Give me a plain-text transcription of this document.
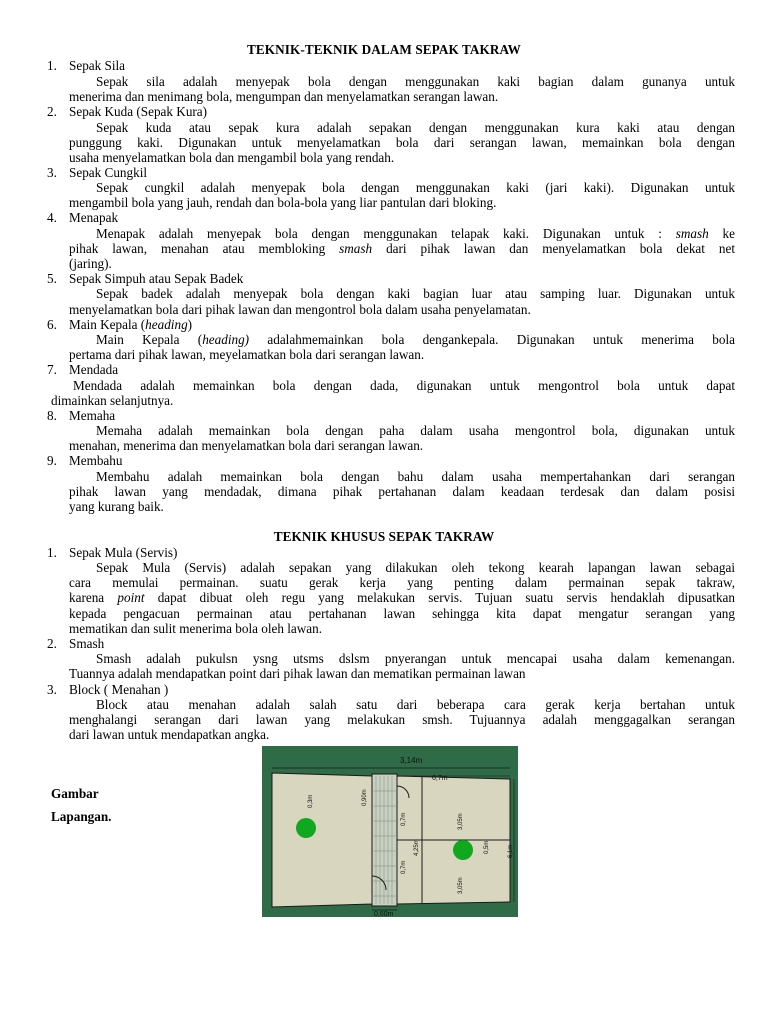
TEKNIK-TEKNIK DALAM SEPAK TAKRAW
1. Sepak Sila
Sepak sila adalah menyepak bola dengan menggunakan kaki bagian dalam gunanya untuk
menerima dan menimang bola, mengumpan dan menyelamatkan serangan lawan.
2. Sepak Kuda (Sepak Kura)
Sepak kuda atau sepak kura adalah sepakan dengan menggunakan kura kaki atau dengan
punggung kaki. Digunakan untuk menyelamatkan bola dari serangan lawan, memainkan bola dengan
usaha menyelamatkan bola dan mengambil bola yang rendah.
3. Sepak Cungkil
Sepak cungkil adalah menyepak bola dengan menggunakan kaki (jari kaki). Digunakan untuk
mengambil bola yang jauh, rendah dan bola-bola yang liar pantulan dari bloking.
4. Menapak
Menapak adalah menyepak bola dengan menggunakan telapak kaki. Digunakan untuk : smash ke
pihak lawan, menahan atau membloking smash dari pihak lawan dan menyelamatkan bola dekat net
(jaring).
5. Sepak Simpuh atau Sepak Badek
Sepak badek adalah menyepak bola dengan kaki bagian luar atau samping luar. Digunakan untuk
menyelamatkan bola dari pihak lawan dan mengontrol bola dalam usaha penyelamatan.
6. Main Kepala (heading)
Main Kepala (heading) adalahmemainkan bola dengankepala. Digunakan untuk menerima bola
pertama dari pihak lawan, meyelamatkan bola dari serangan lawan.
7. Mendada
Mendada adalah memainkan bola dengan dada, digunakan untuk mengontrol bola untuk dapat
dimainkan selanjutnya.
8. Memaha
Memaha adalah memainkan bola dengan paha dalam usaha mengontrol bola, digunakan untuk
menahan, menerima dan menyelamatkan bola dari serangan lawan.
9. Membahu
Membahu adalah memainkan bola dengan bahu dalam usaha mempertahankan dari serangan
pihak lawan yang mendadak, dimana pihak pertahanan dalam keadaan terdesak dan dalam posisi
yang kurang baik.
TEKNIK KHUSUS SEPAK TAKRAW
1. Sepak Mula (Servis)
Sepak Mula (Servis) adalah sepakan yang dilakukan oleh tekong kearah lapangan lawan sebagai
cara memulai permainan. suatu gerak kerja yang penting dalam permainan sepak takraw,
karena point dapat dibuat oleh regu yang melakukan servis. Tujuan suatu servis hendaklah dipusatkan
kepada pengacuan permainan atau pertahanan lawan sehingga kita dapat mengatur serangan yang
mematikan dan sulit menerima bola oleh lawan.
2. Smash
Smash adalah pukulsn ysng utsms dslsm pnyerangan untuk mencapai usaha dalam kemenangan.
Tuannya adalah mendapatkan point dari pihak lawan dan mematikan permainan lawan
3. Block ( Menahan )
Block atau menahan adalah salah satu dari beberapa cara gerak kerja bertahan untuk
menghalangi serangan dari lawan yang melakukan smsh. Tujuannya adalah menggagalkan serangan
dari lawan untuk mendapatkan angka.
Gambar
Lapangan.
3,14m
6,7m
0,3m	0,90m
3,05m
3,05m
4,25m
0,7m
0,7m
0,5m	6,1m
0,60m
